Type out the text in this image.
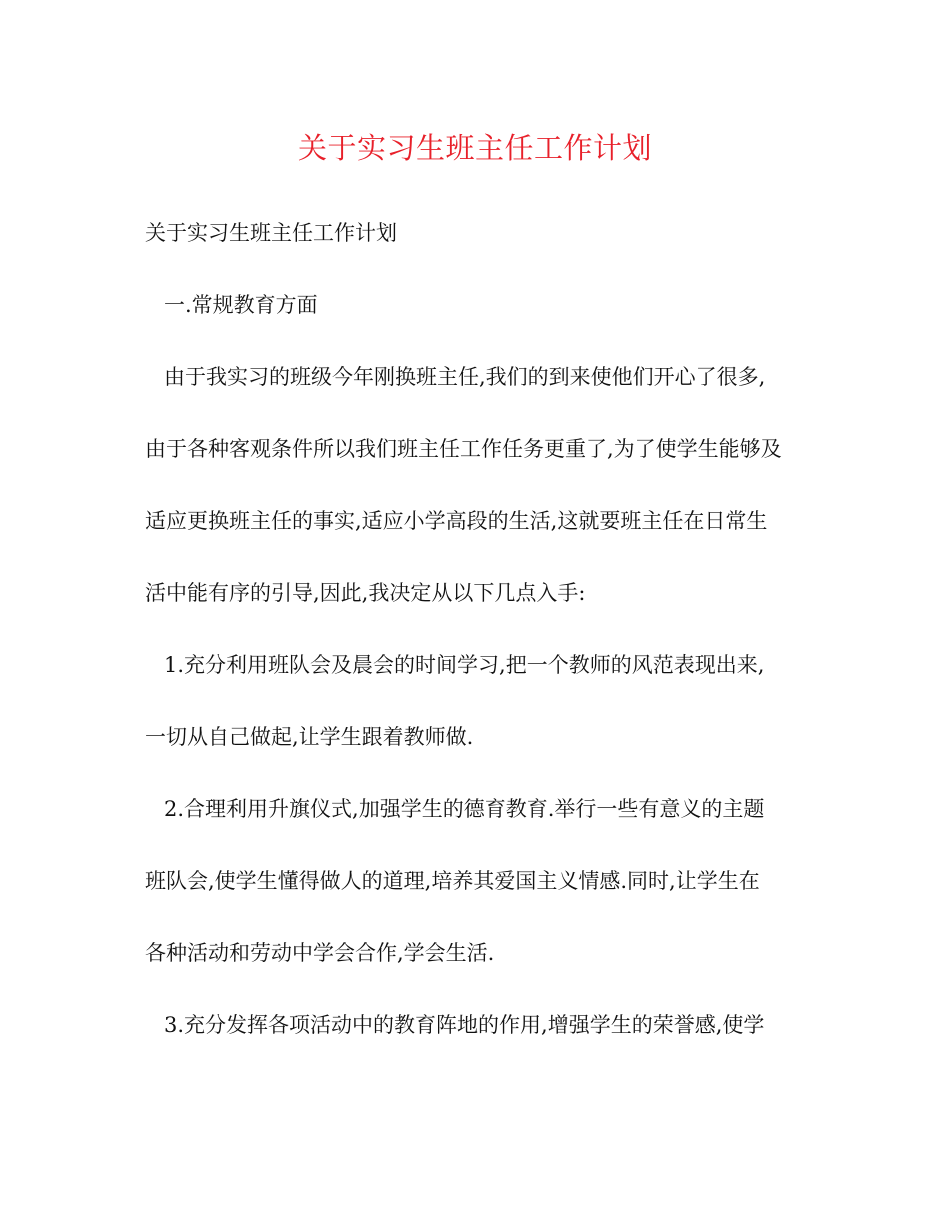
关于实习生班主任工作计划
关于实习生班主任工作计划
一.常规教育方面
由于我实习的班级今年刚换班主任,我们的到来使他们开心了很多,
由于各种客观条件所以我们班主任工作任务更重了,为了使学生能够及
适应更换班主任的事实,适应小学高段的生活,这就要班主任在日常生
活中能有序的引导,因此,我决定从以下几点入手:
1.充分利用班队会及晨会的时间学习,把一个教师的风范表现出来,
一切从自己做起,让学生跟着教师做.
2.合理利用升旗仪式,加强学生的德育教育.举行一些有意义的主题
班队会,使学生懂得做人的道理,培养其爱国主义情感.同时,让学生在
各种活动和劳动中学会合作,学会生活.
3.充分发挥各项活动中的教育阵地的作用,增强学生的荣誉感,使学
